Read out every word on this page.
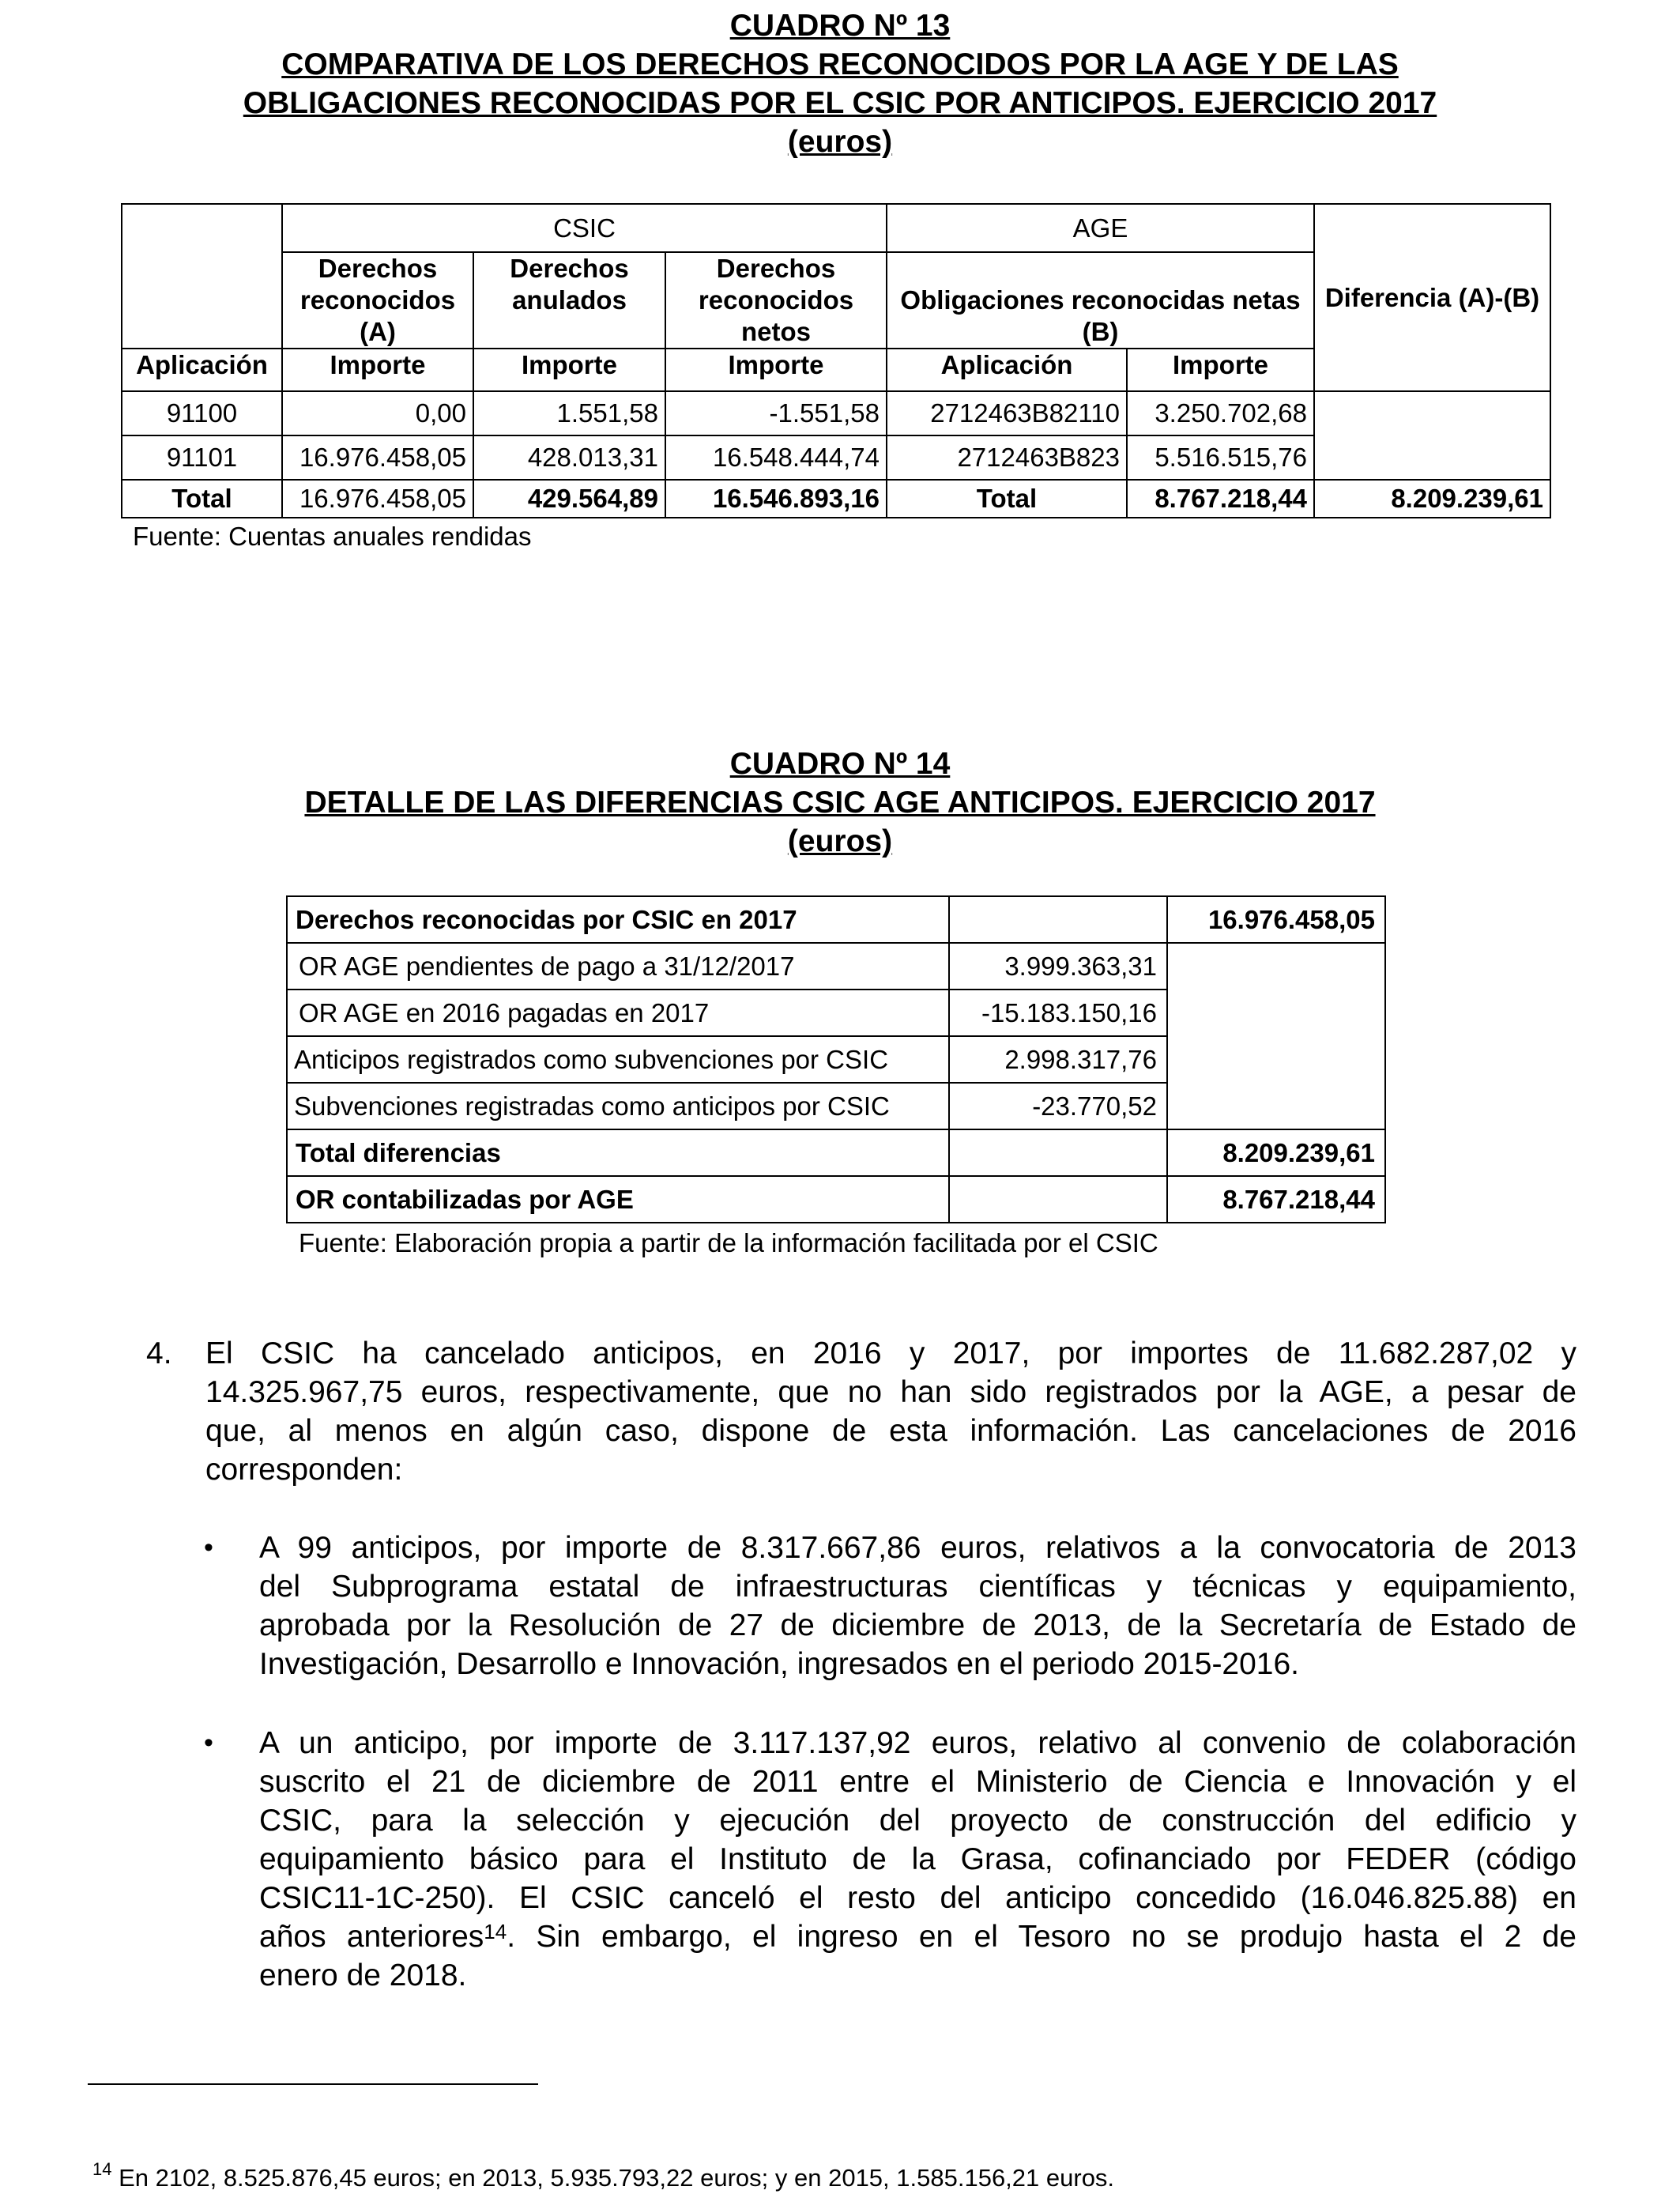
CUADRO Nº 13
COMPARATIVA DE LOS DERECHOS RECONOCIDOS POR LA AGE Y DE LAS
OBLIGACIONES RECONOCIDAS POR EL CSIC POR ANTICIPOS. EJERCICIO 2017
(euros)
	CSIC			AGE		Diferencia (A)-(B)
	Derechos reconocidos (A)	Derechos anulados	Derechos reconocidos netos	Obligaciones reconocidas netas (B)		
Aplicación	Importe	Importe	Importe	Aplicación	Importe	
91100	0,00	1.551,58	-1.551,58	2712463B82110	3.250.702,68	
91101	16.976.458,05	428.013,31	16.548.444,74	2712463B823	5.516.515,76	
Total	16.976.458,05	429.564,89	16.546.893,16	Total	8.767.218,44	8.209.239,61
Fuente: Cuentas anuales rendidas
CUADRO Nº 14
DETALLE DE LAS DIFERENCIAS CSIC AGE ANTICIPOS. EJERCICIO 2017
(euros)
Derechos reconocidas por CSIC en 2017		16.976.458,05
OR AGE pendientes de pago a 31/12/2017	3.999.363,31	
OR AGE en 2016 pagadas en 2017	-15.183.150,16	
Anticipos registrados como subvenciones por CSIC	2.998.317,76	
Subvenciones registradas como anticipos por CSIC	-23.770,52	
Total diferencias		8.209.239,61
OR contabilizadas por AGE		8.767.218,44
Fuente: Elaboración propia a partir de la información facilitada por el CSIC
4. El CSIC ha cancelado anticipos, en 2016 y 2017, por importes de 11.682.287,02 y
14.325.967,75 euros, respectivamente, que no han sido registrados por la AGE, a pesar de
que, al menos en algún caso, dispone de esta información. Las cancelaciones de 2016
corresponden:
• A 99 anticipos, por importe de 8.317.667,86 euros, relativos a la convocatoria de 2013
del Subprograma estatal de infraestructuras científicas y técnicas y equipamiento,
aprobada por la Resolución de 27 de diciembre de 2013, de la Secretaría de Estado de
Investigación, Desarrollo e Innovación, ingresados en el periodo 2015-2016.
• A un anticipo, por importe de 3.117.137,92 euros, relativo al convenio de colaboración
suscrito el 21 de diciembre de 2011 entre el Ministerio de Ciencia e Innovación y el
CSIC, para la selección y ejecución del proyecto de construcción del edificio y
equipamiento básico para el Instituto de la Grasa, cofinanciado por FEDER (código
CSIC11-1C-250). El CSIC canceló el resto del anticipo concedido (16.046.825.88) en
años anteriores$^{14}$. Sin embargo, el ingreso en el Tesoro no se produjo hasta el 2 de
enero de 2018.
$^{14}$ En 2102, 8.525.876,45 euros; en 2013, 5.935.793,22 euros; y en 2015, 1.585.156,21 euros.
